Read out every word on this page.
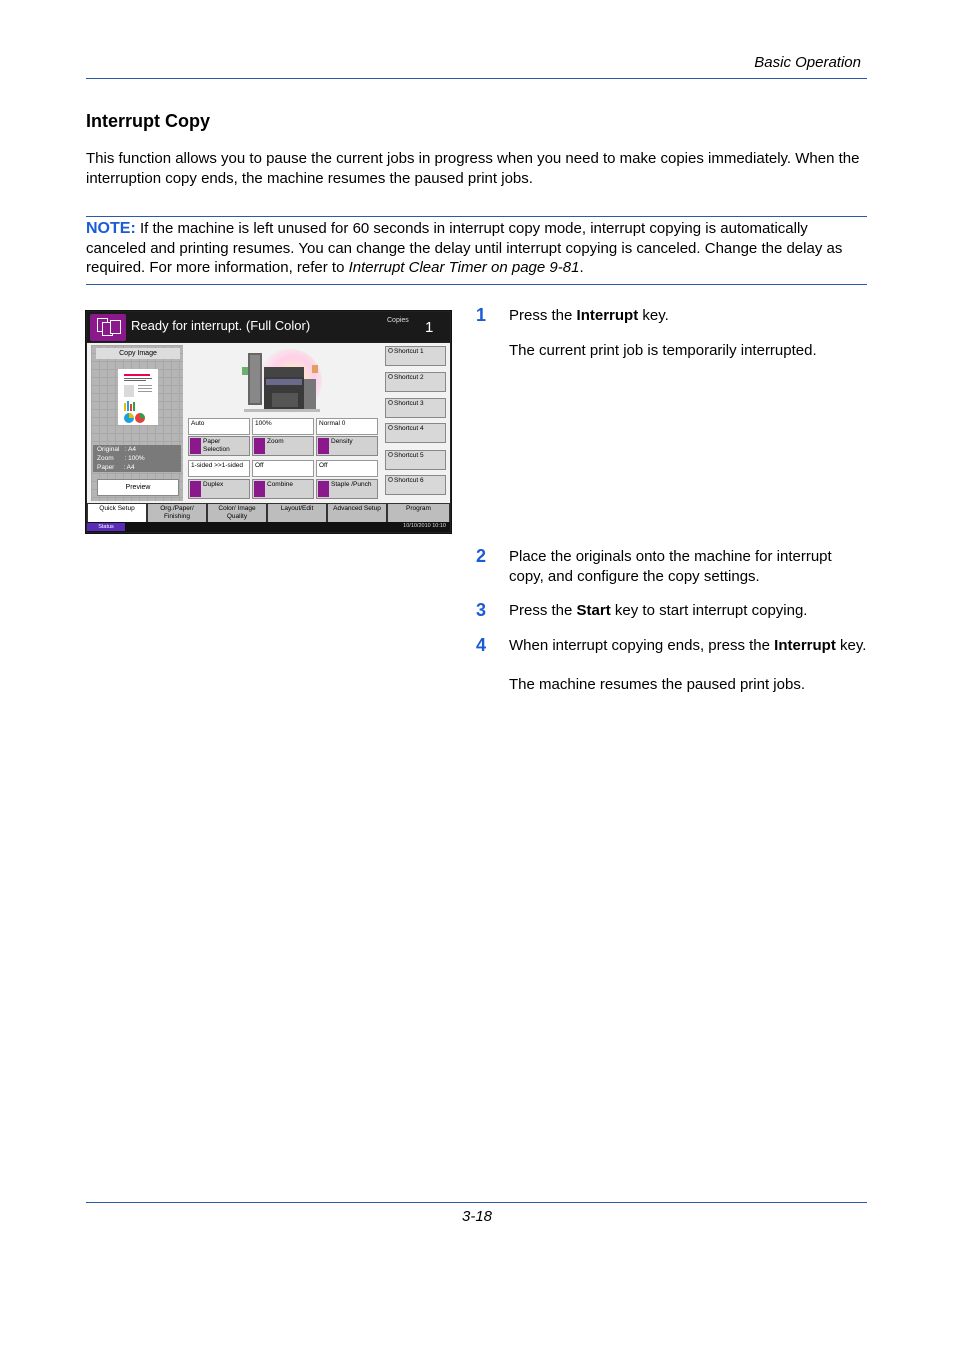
Basic Operation
Interrupt Copy
This function allows you to pause the current jobs in progress when you need to make copies immediately. When the interruption copy ends, the machine resumes the paused print jobs.
NOTE: If the machine is left unused for 60 seconds in interrupt copy mode, interrupt copying is automatically canceled and printing resumes. You can change the delay until interrupt copying is canceled. Change the delay as required. For more information, refer to Interrupt Clear Timer on page 9-81.
Ready for interrupt. (Full Color)	Copies 1
Copy Image
Original : A4
Zoom : 100%
Paper : A4
Preview
Auto	100%	Normal 0
Paper Selection
Zoom	Density
1-sided >>1-sided	Off	Off
Duplex	Combine	Staple /Punch
Shortcut 1
Shortcut 2
Shortcut 3
Shortcut 4
Shortcut 5
Shortcut 6
Quick Setup	Org./Paper/ Finishing
Color/ Image Quality
Layout/Edit	Advanced Setup	Program
Status	10/10/2010 10:10
1 Press the Interrupt key.
The current print job is temporarily interrupted.
2 Place the originals onto the machine for interrupt copy, and configure the copy settings.
3 Press the Start key to start interrupt copying.
4 When interrupt copying ends, press the Interrupt key.
The machine resumes the paused print jobs.
3-18
